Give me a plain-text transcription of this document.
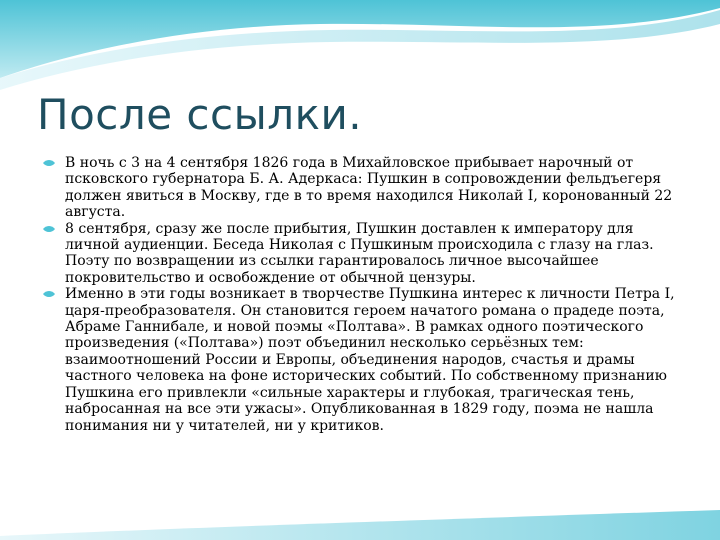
После ссылки.
В ночь с 3 на 4 сентября 1826 года в Михайловское прибывает нарочный от псковского губернатора Б. А. Адеркаса: Пушкин в сопровождении фельдъегеря должен явиться в Москву, где в то время находился Николай I, коронованный 22 августа.
8 сентября, сразу же после прибытия, Пушкин доставлен к императору для личной аудиенции. Беседа Николая с Пушкиным происходила с глазу на глаз. Поэту по возвращении из ссылки гарантировалось личное высочайшее покровительство и освобождение от обычной цензуры.
Именно в эти годы возникает в творчестве Пушкина интерес к личности Петра I, царя-преобразователя. Он становится героем начатого романа о прадеде поэта, Абраме Ганнибале, и новой поэмы «Полтава». В рамках одного поэтического произведения («Полтава») поэт объединил несколько серьёзных тем: взаимоотношений России и Европы, объединения народов, счастья и драмы частного человека на фоне исторических событий. По собственному признанию Пушкина его привлекли «сильные характеры и глубокая, трагическая тень, набросанная на все эти ужасы». Опубликованная в 1829 году, поэма не нашла понимания ни у читателей, ни у критиков.
